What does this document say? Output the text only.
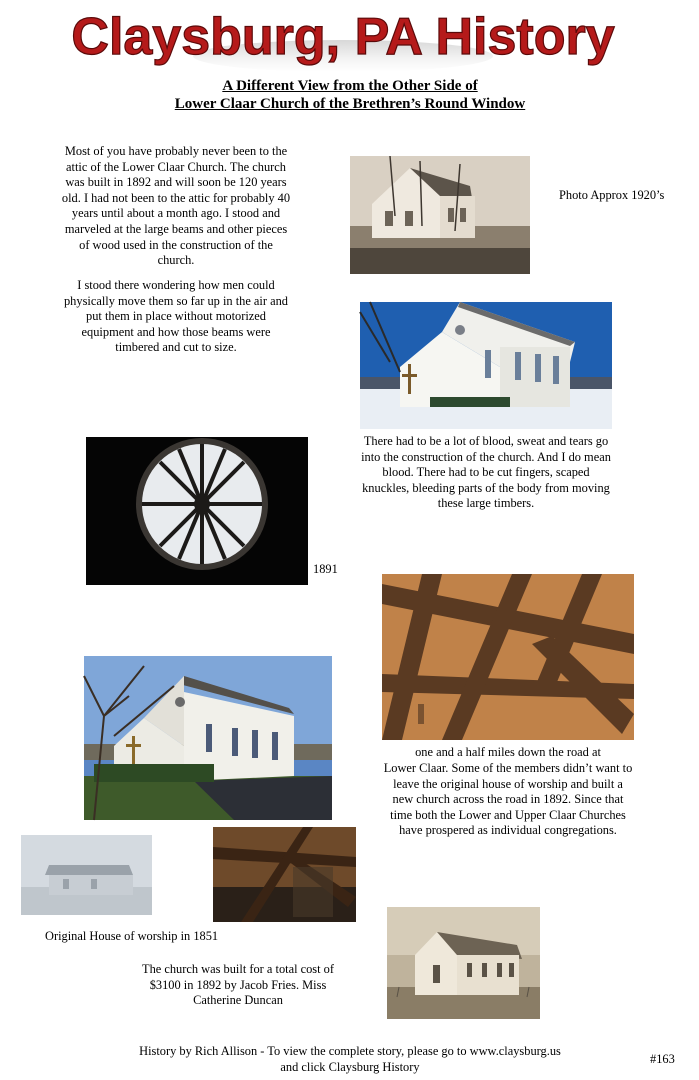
Claysburg, PA History
A Different View from the Other Side of
Lower Claar Church of the Brethren’s Round Window
Most of you have probably never been to the attic of the Lower Claar Church. The church was built in 1892 and will soon be 120 years old. I had not been to the attic for probably 40 years until about a month ago. I stood and marveled at the large beams and other pieces of wood used in the construction of the church.
I stood there wondering how men could physically move them so far up in the air and put them in place without motorized equipment and how those beams were timbered and cut to size.
Photo Approx 1920’s
There had to be a lot of blood, sweat and tears go into the construction of the church. And I do mean blood. There had to be cut fingers, scaped knuckles, bleeding parts of the body from moving these large timbers.
1891
one and a half miles down the road at
Lower Claar. Some of the members didn’t want to leave the original house of worship and built a new church across the road in 1892. Since that time both the Lower and Upper Claar Churches have prospered as individual congregations.
Original House of worship in 1851
The church was built for a total cost of $3100 in 1892 by Jacob Fries. Miss Catherine Duncan
History by Rich Allison - To view the complete story, please go to www.claysburg.us
and click Claysburg History
#163
